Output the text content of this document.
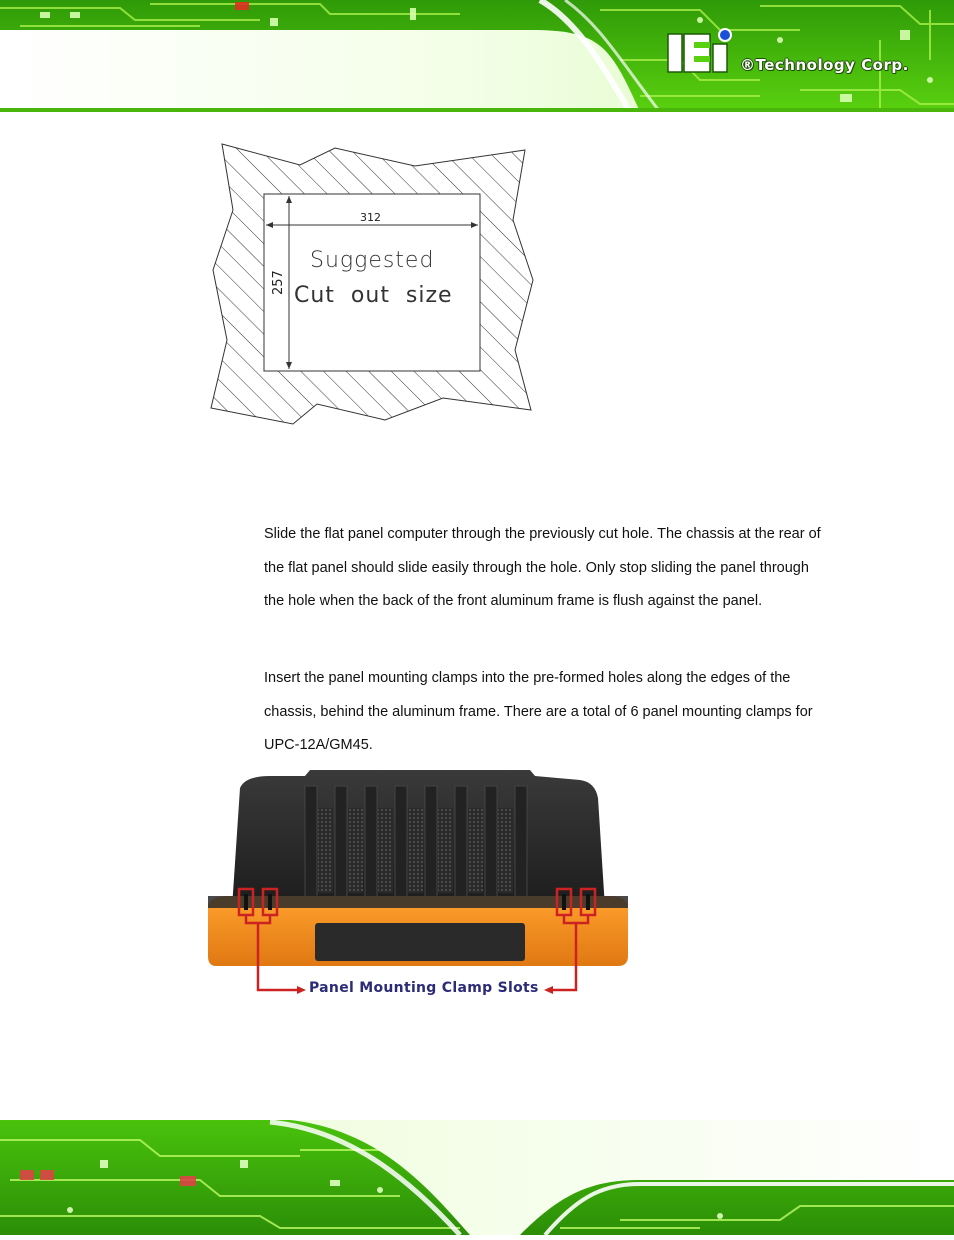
®Technology Corp.
312
257
Suggested
Cut  out  size

Slide the flat panel computer through the previously cut hole. The chassis at the rear of the flat panel should slide easily through the hole. Only stop sliding the panel through the hole when the back of the front aluminum frame is flush against the panel.

Insert the panel mounting clamps into the pre-formed holes along the edges of the chassis, behind the aluminum frame. There are a total of 6 panel mounting clamps for UPC-12A/GM45.

Panel Mounting Clamp Slots
